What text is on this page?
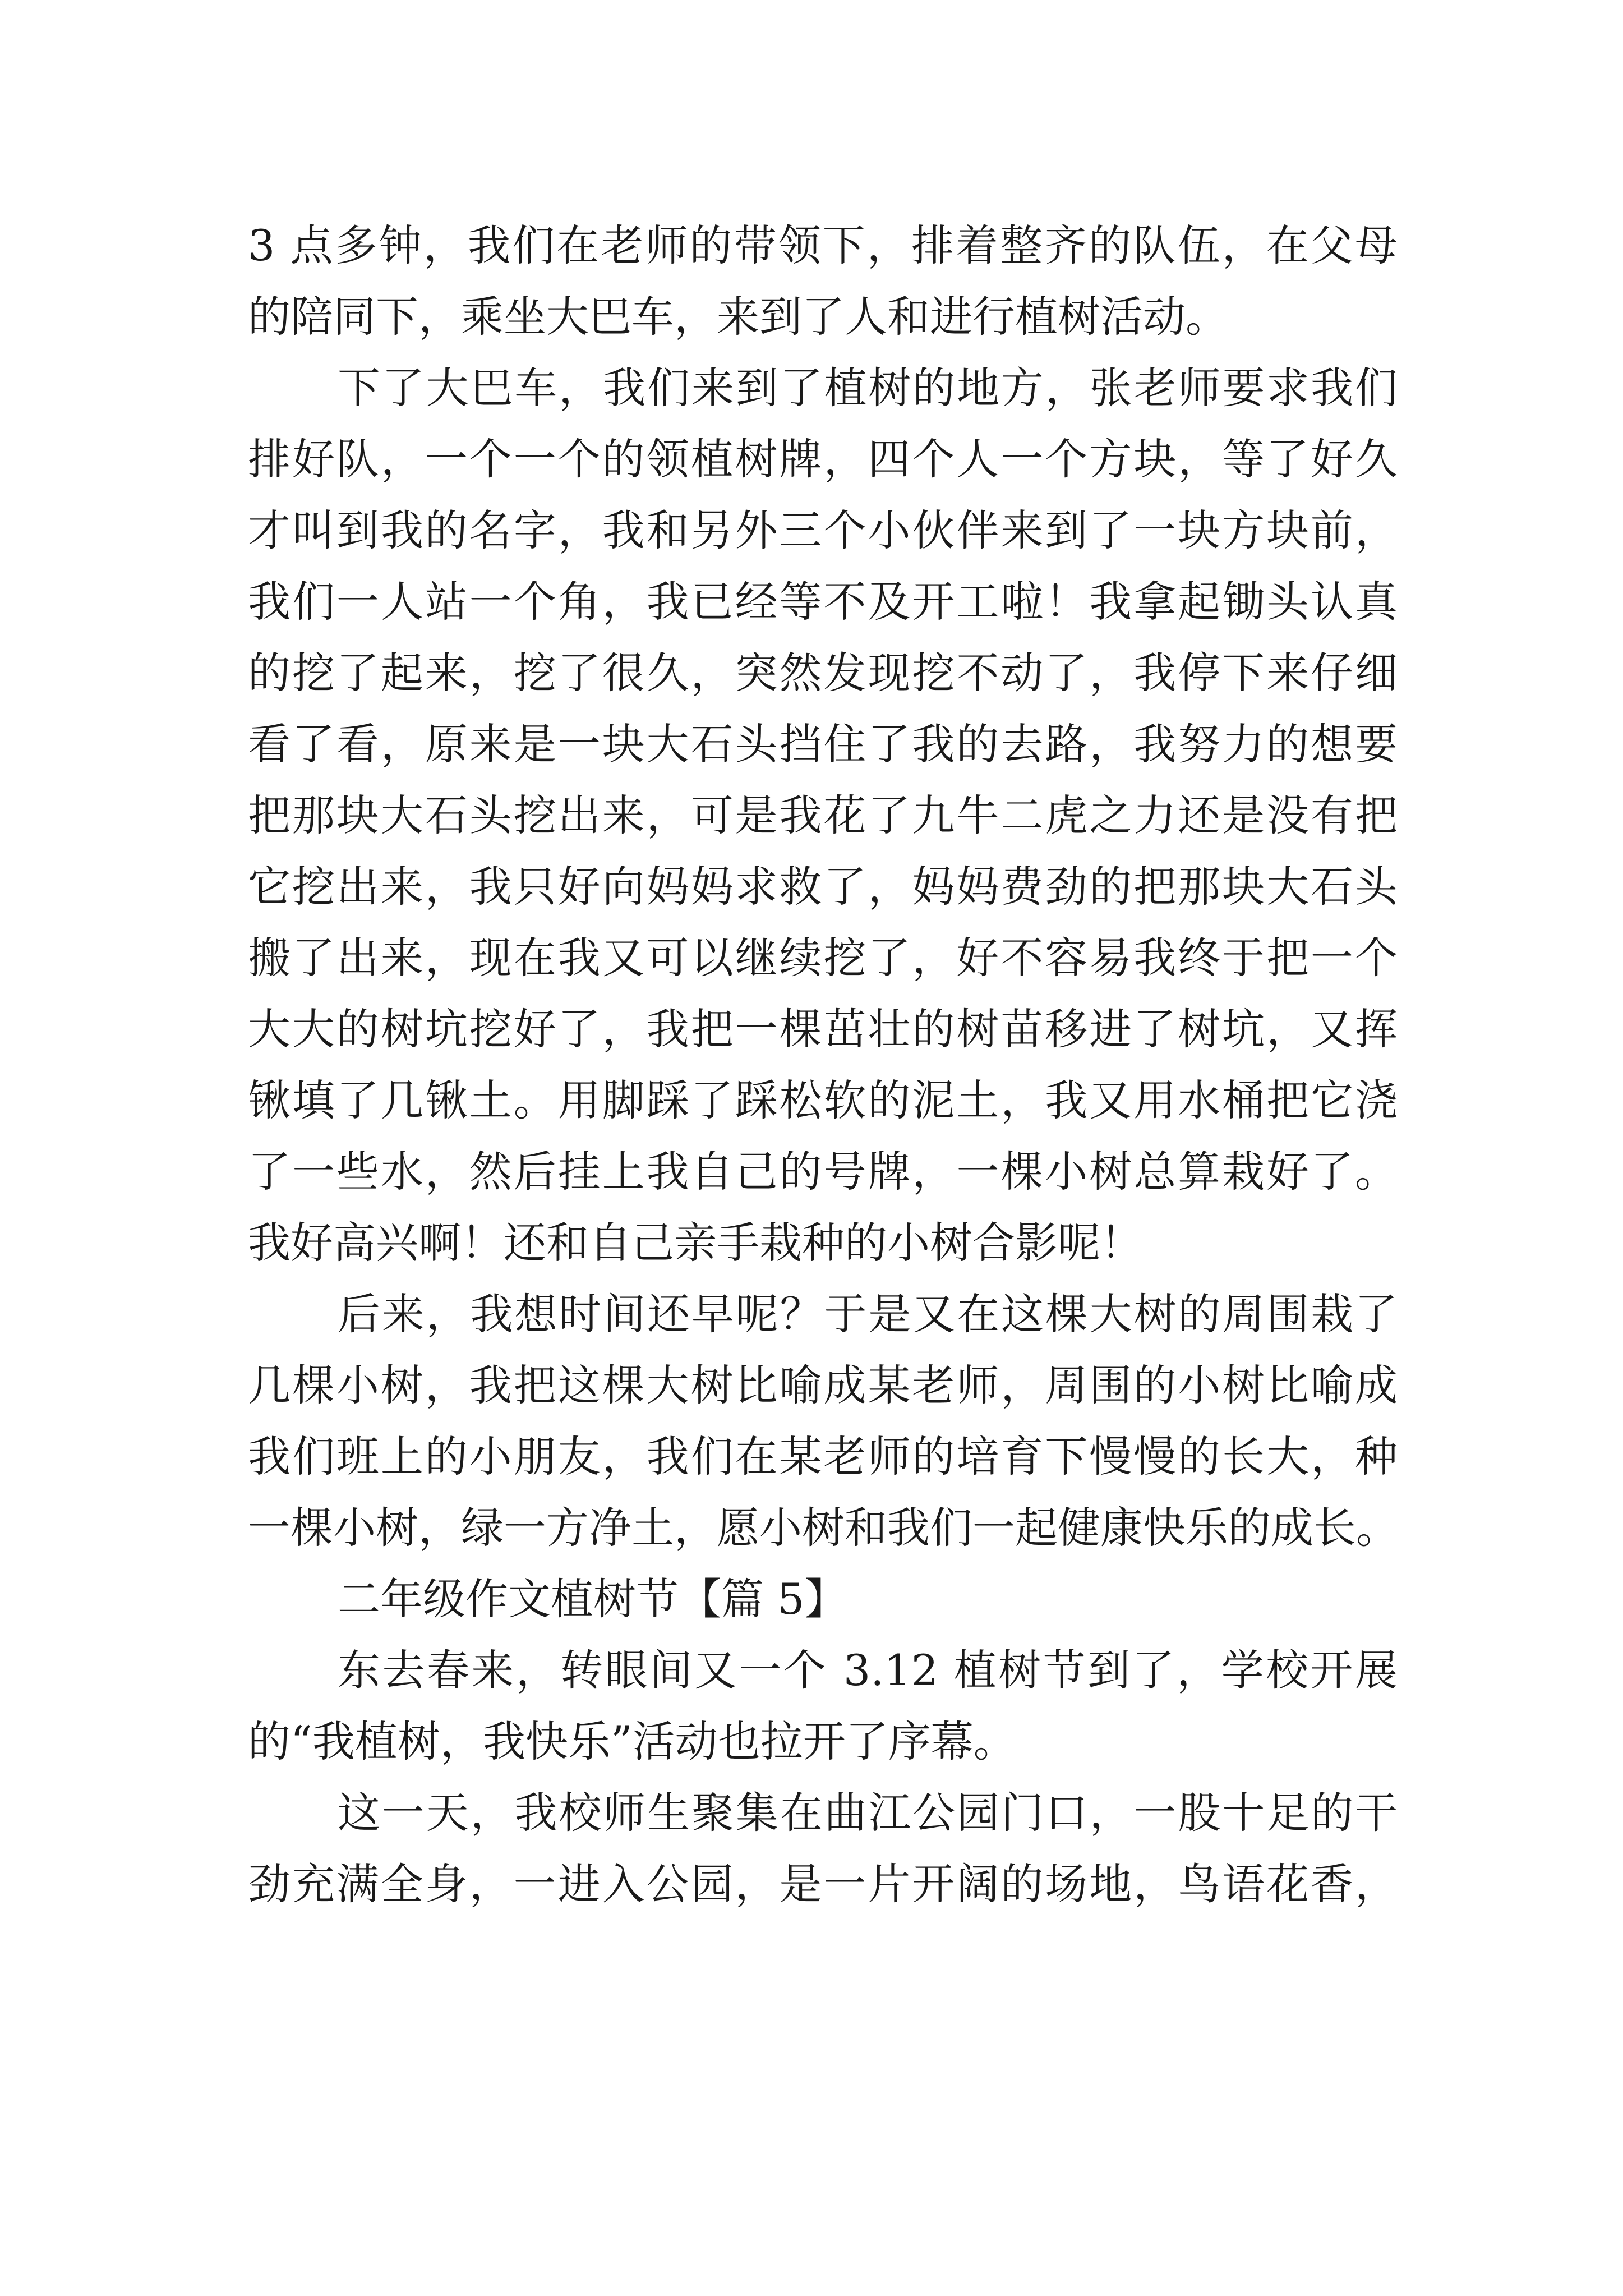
3 点多钟，我们在老师的带领下，排着整齐的队伍，在父母
的陪同下，乘坐大巴车，来到了人和进行植树活动。
下了大巴车，我们来到了植树的地方，张老师要求我们
排好队，一个一个的领植树牌，四个人一个方块，等了好久
才叫到我的名字，我和另外三个小伙伴来到了一块方块前，
我们一人站一个角，我已经等不及开工啦！我拿起锄头认真
的挖了起来，挖了很久，突然发现挖不动了，我停下来仔细
看了看，原来是一块大石头挡住了我的去路，我努力的想要
把那块大石头挖出来，可是我花了九牛二虎之力还是没有把
它挖出来，我只好向妈妈求救了，妈妈费劲的把那块大石头
搬了出来，现在我又可以继续挖了，好不容易我终于把一个
大大的树坑挖好了，我把一棵茁壮的树苗移进了树坑，又挥
锹填了几锹土。用脚踩了踩松软的泥土，我又用水桶把它浇
了一些水，然后挂上我自己的号牌，一棵小树总算栽好了。
我好高兴啊！还和自己亲手栽种的小树合影呢！
后来，我想时间还早呢？于是又在这棵大树的周围栽了
几棵小树，我把这棵大树比喻成某老师，周围的小树比喻成
我们班上的小朋友，我们在某老师的培育下慢慢的长大，种
一棵小树，绿一方净土，愿小树和我们一起健康快乐的成长。
二年级作文植树节【篇 5】
东去春来，转眼间又一个 3.12 植树节到了，学校开展
的“我植树，我快乐”活动也拉开了序幕。
这一天，我校师生聚集在曲江公园门口，一股十足的干
劲充满全身，一进入公园，是一片开阔的场地，鸟语花香，
